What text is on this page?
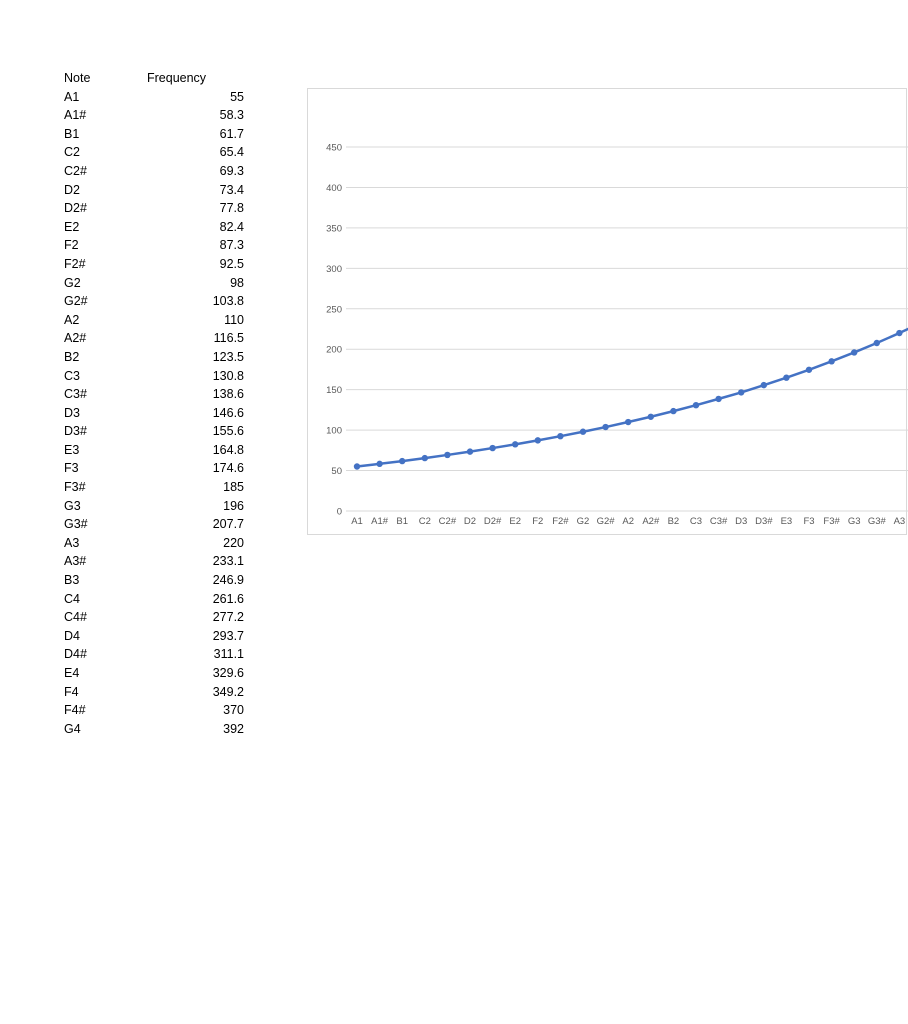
Note	Frequency
A1	55
A1#	58.3
B1	61.7
C2	65.4
C2#	69.3
D2	73.4
D2#	77.8
E2	82.4
F2	87.3
F2#	92.5
G2	98
G2#	103.8
A2	110
A2#	116.5
B2	123.5
C3	130.8
C3#	138.6
D3	146.6
D3#	155.6
E3	164.8
F3	174.6
F3#	185
G3	196
G3#	207.7
A3	220
A3#	233.1
B3	246.9
C4	261.6
C4#	277.2
D4	293.7
D4#	311.1
E4	329.6
F4	349.2
F4#	370
G4	392
0
50
100
150
200
250
300
350
400
450
A1 A1# B1 C2 C2# D2 D2# E2 F2 F2# G2 G2# A2 A2# B2 C3 C3# D3 D3# E3 F3 F3# G3 G3# A3
